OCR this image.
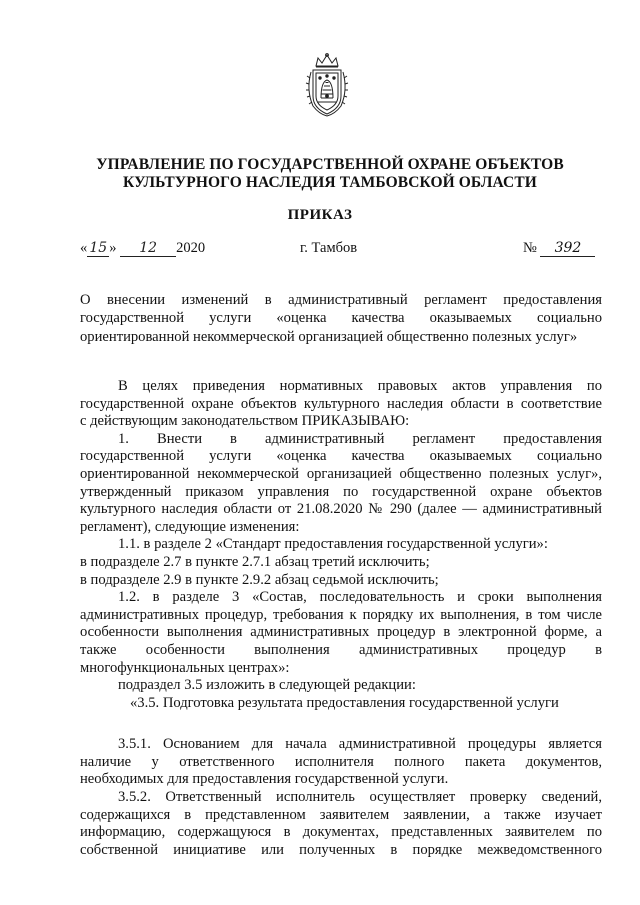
УПРАВЛЕНИЕ ПО ГОСУДАРСТВЕННОЙ ОХРАНЕ ОБЪЕКТОВ
КУЛЬТУРНОГО НАСЛЕДИЯ ТАМБОВСКОЙ ОБЛАСТИ
ПРИКАЗ
« 15 » 12 2020	г. Тамбов	№ 392
О внесении изменений в административный регламент предоставления
государственной услуги «оценка качества оказываемых социально
ориентированной некоммерческой организацией общественно полезных услуг»
В целях приведения нормативных правовых актов управления по
государственной охране объектов культурного наследия области в соответствие
с действующим законодательством ПРИКАЗЫВАЮ:
1. Внести в административный регламент предоставления
государственной услуги «оценка качества оказываемых социально
ориентированной некоммерческой организацией общественно полезных услуг»,
утвержденный приказом управления по государственной охране объектов
культурного наследия области от 21.08.2020 № 290 (далее — административный
регламент), следующие изменения:
1.1. в разделе 2 «Стандарт предоставления государственной услуги»:
в подразделе 2.7 в пункте 2.7.1 абзац третий исключить;
в подразделе 2.9 в пункте 2.9.2 абзац седьмой исключить;
1.2. в разделе 3 «Состав, последовательность и сроки выполнения
административных процедур, требования к порядку их выполнения, в том числе
особенности выполнения административных процедур в электронной форме, а
также особенности выполнения административных процедур в
многофункциональных центрах»:
подраздел 3.5 изложить в следующей редакции:
«3.5. Подготовка результата предоставления государственной услуги
3.5.1. Основанием для начала административной процедуры является
наличие у ответственного исполнителя полного пакета документов,
необходимых для предоставления государственной услуги.
3.5.2. Ответственный исполнитель осуществляет проверку сведений,
содержащихся в представленном заявителем заявлении, а также изучает
информацию, содержащуюся в документах, представленных заявителем по
собственной инициативе или полученных в порядке межведомственного
